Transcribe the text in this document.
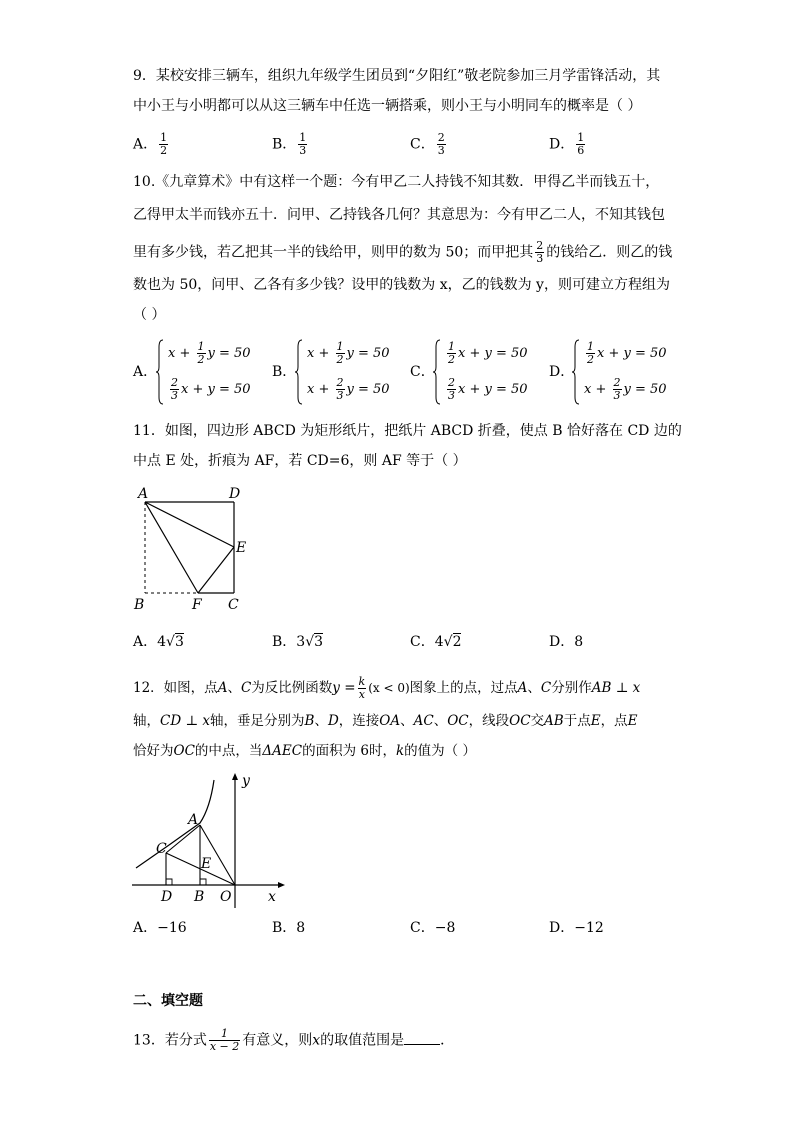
9．某校安排三辆车，组织九年级学生团员到“夕阳红”敬老院参加三月学雷锋活动，其
中小王与小明都可以从这三辆车中任选一辆搭乘，则小王与小明同车的概率是（ ）
A． $\frac{1}{2}$	B． $\frac{1}{3}$	C． $\frac{2}{3}$	D． $\frac{1}{6}$
10.《九章算术》中有这样一个题：今有甲乙二人持钱不知其数．甲得乙半而钱五十，
乙得甲太半而钱亦五十．问甲、乙持钱各几何？其意思为：今有甲乙二人，不知其钱包
里有多少钱，若乙把其一半的钱给甲，则甲的数为 50；而甲把其 $\frac{2}{3}$ 的钱给乙．则乙的钱
数也为 50，问甲、乙各有多少钱？设甲的钱数为 x，乙的钱数为 y，则可建立方程组为
（ ）
A．
$x + \frac{1}{2}$ y = 50
$\frac{2}{3}$ x + y = 50
B．
$x + \frac{1}{2}$ y = 50
$x + \frac{2}{3}$ y = 50
C．
$\frac{1}{2}$ x + y = 50
$\frac{2}{3}$ x + y = 50
D．
$\frac{1}{2}$ x + y = 50
$x + \frac{2}{3}$ y = 50
11．如图，四边形 ABCD 为矩形纸片，把纸片 ABCD 折叠，使点 B 恰好落在 CD 边的
中点 E 处，折痕为 AF，若 CD=6，则 AF 等于（ ）
A	D
E
B	F C
A．4√3	B．3√3	C．4√2	D．8
12．如图，点A、C为反比例函数$y = \frac{k}{x} (x < 0)$图象上的点，过点A、C分别作AB ⊥ x
轴，CD ⊥ x轴，垂足分别为B、D，连接OA、AC、OC，线段OC交AB于点E，点E
恰好为OC的中点，当ΔAEC的面积为 6时，k的值为（ ）
y
A
C
E
D B O	x
A．−16	B．8	C．−8	D．−12
二、填空题
13．若分式 $\frac{1}{x - 2}$ 有意义，则x的取值范围是	．
